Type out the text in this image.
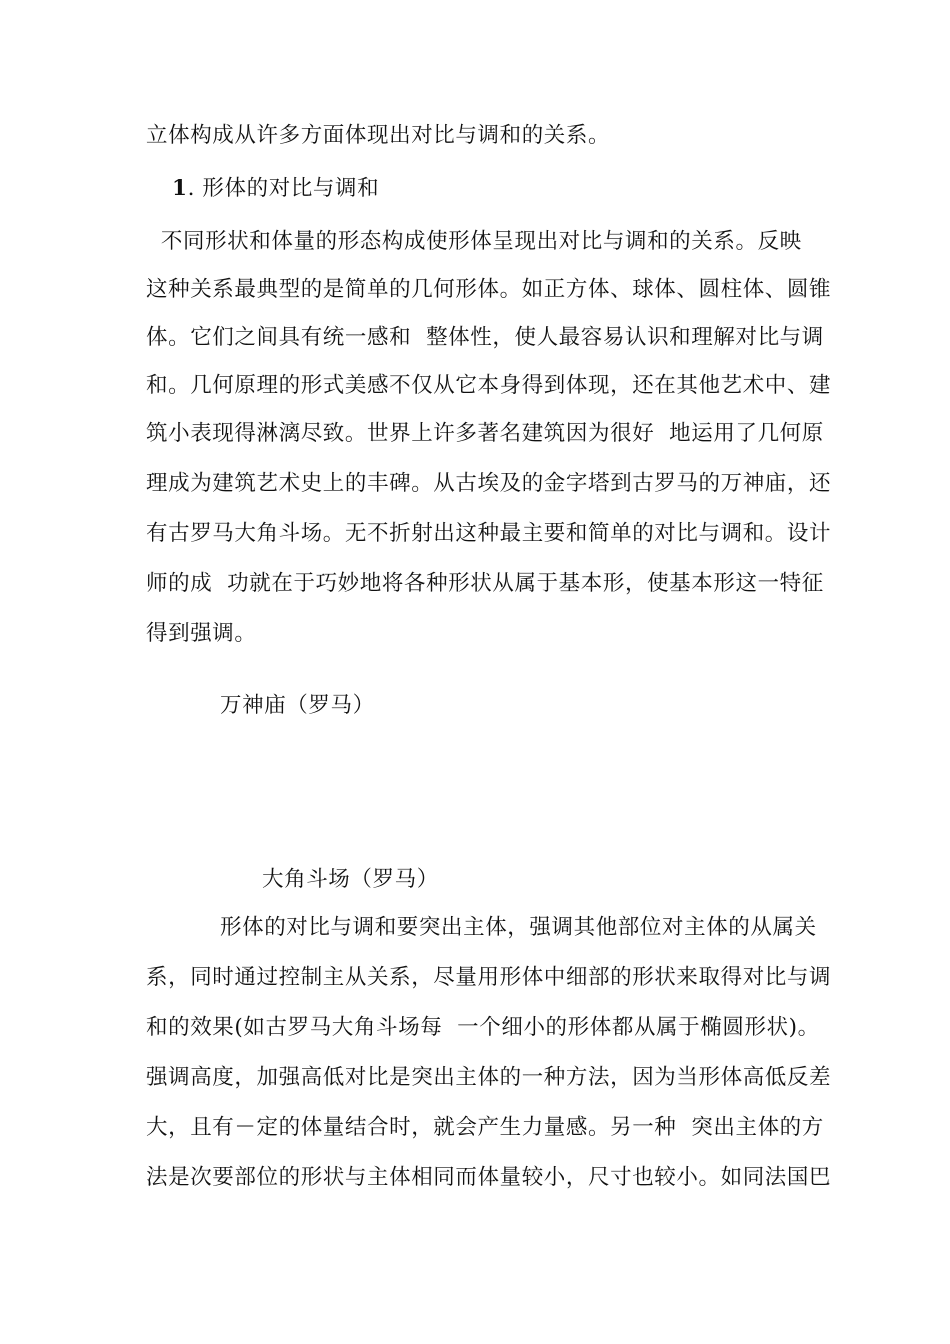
立体构成从许多方面体现出对比与调和的关系。
1. 形体的对比与调和
不同形状和体量的形态构成使形体呈现出对比与调和的关系。反映
这种关系最典型的是简单的几何形体。如正方体、球体、圆柱体、圆锥
体。它们之间具有统一感和  整体性，使人最容易认识和理解对比与调
和。几何原理的形式美感不仅从它本身得到体现，还在其他艺术中、建
筑小表现得淋漓尽致。世界上许多著名建筑因为很好  地运用了几何原
理成为建筑艺术史上的丰碑。从古埃及的金字塔到古罗马的万神庙，还
有古罗马大角斗场。无不折射出这种最主要和简单的对比与调和。设计
师的成  功就在于巧妙地将各种形状从属于基本形，使基本形这一特征
得到强调。
万神庙（罗马）
大角斗场（罗马）
形体的对比与调和要突出主体，强调其他部位对主体的从属关
系，同时通过控制主从关系，尽量用形体中细部的形状来取得对比与调
和的效果(如古罗马大角斗场每  一个细小的形体都从属于椭圆形状)。
强调高度，加强高低对比是突出主体的一种方法，因为当形体高低反差
大，且有－定的体量结合时，就会产生力量感。另一种  突出主体的方
法是次要部位的形状与主体相同而体量较小，尺寸也较小。如同法国巴
